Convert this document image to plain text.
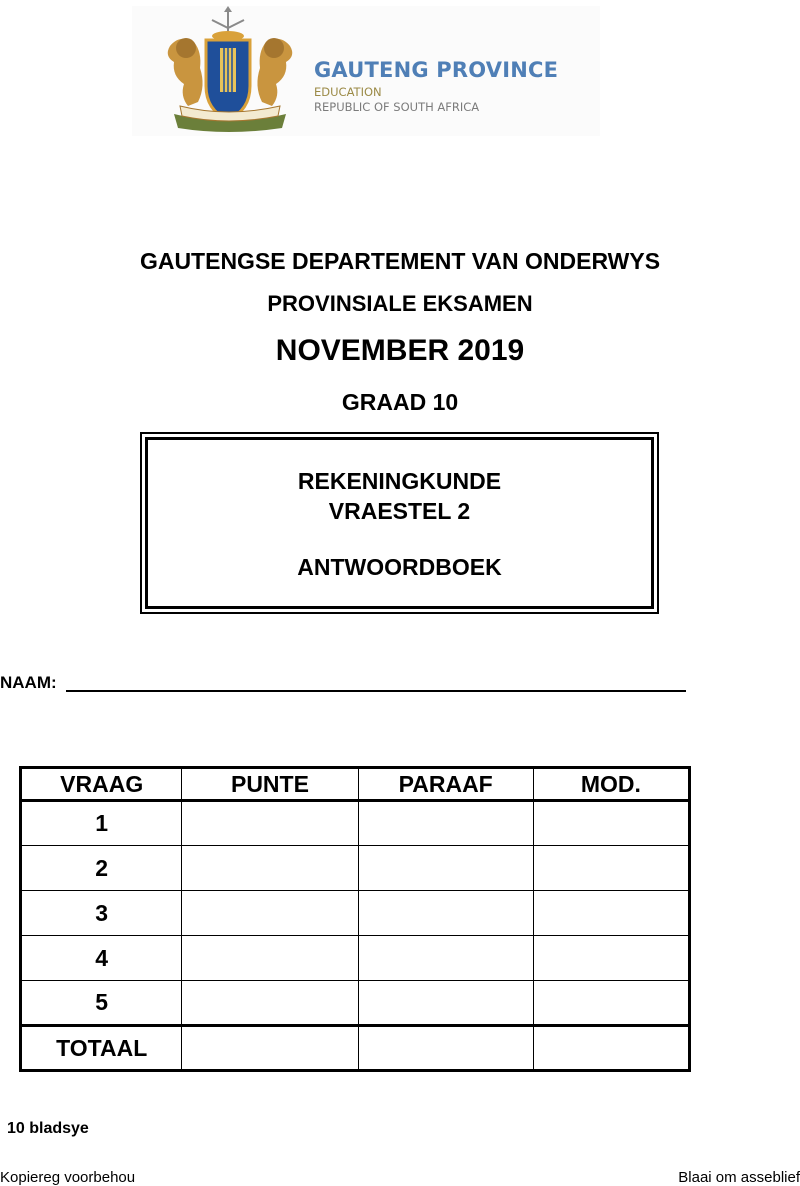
GAUTENG PROVINCE
EDUCATION
REPUBLIC OF SOUTH AFRICA
GAUTENGSE DEPARTEMENT VAN ONDERWYS
PROVINSIALE EKSAMEN
NOVEMBER 2019
GRAAD 10
REKENINGKUNDE
VRAESTEL 2
ANTWOORDBOEK
NAAM:
VRAAG	PUNTE	PARAAF	MOD.
1			
2			
3			
4			
5			
TOTAAL			
10 bladsye
Kopiereg voorbehou	Blaai om asseblief
